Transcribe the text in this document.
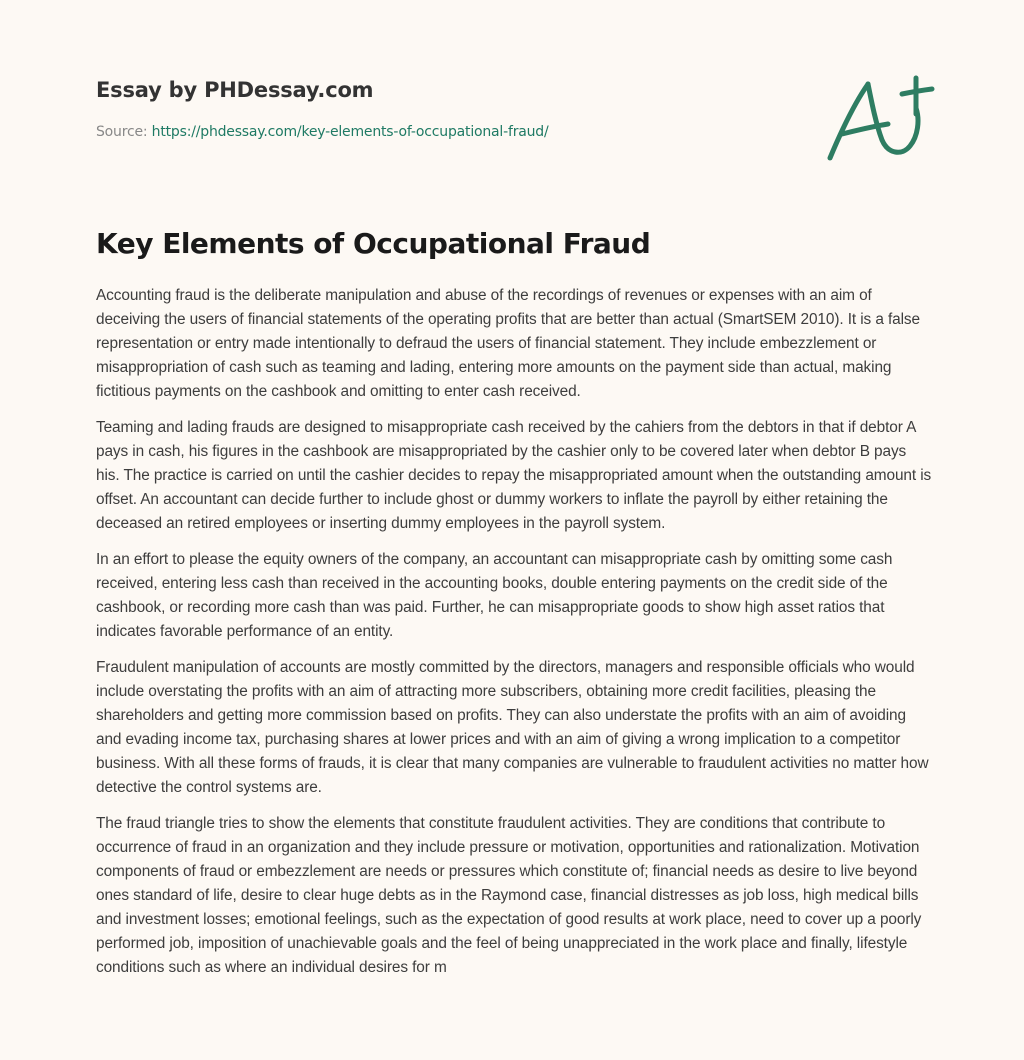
Essay by PHDessay.com
Source: https://phdessay.com/key-elements-of-occupational-fraud/
Key Elements of Occupational Fraud

Accounting fraud is the deliberate manipulation and abuse of the recordings of revenues or expenses with an aim of deceiving the users of financial statements of the operating profits that are better than actual (SmartSEM 2010). It is a false representation or entry made intentionally to defraud the users of financial statement. They include embezzlement or misappropriation of cash such as teaming and lading, entering more amounts on the payment side than actual, making fictitious payments on the cashbook and omitting to enter cash received.

Teaming and lading frauds are designed to misappropriate cash received by the cahiers from the debtors in that if debtor A pays in cash, his figures in the cashbook are misappropriated by the cashier only to be covered later when debtor B pays his. The practice is carried on until the cashier decides to repay the misappropriated amount when the outstanding amount is offset. An accountant can decide further to include ghost or dummy workers to inflate the payroll by either retaining the deceased an retired employees or inserting dummy employees in the payroll system.

In an effort to please the equity owners of the company, an accountant can misappropriate cash by omitting some cash received, entering less cash than received in the accounting books, double entering payments on the credit side of the cashbook, or recording more cash than was paid. Further, he can misappropriate goods to show high asset ratios that indicates favorable performance of an entity.

Fraudulent manipulation of accounts are mostly committed by the directors, managers and responsible officials who would include overstating the profits with an aim of attracting more subscribers, obtaining more credit facilities, pleasing the shareholders and getting more commission based on profits. They can also understate the profits with an aim of avoiding and evading income tax, purchasing shares at lower prices and with an aim of giving a wrong implication to a competitor business. With all these forms of frauds, it is clear that many companies are vulnerable to fraudulent activities no matter how detective the control systems are.

The fraud triangle tries to show the elements that constitute fraudulent activities. They are conditions that contribute to occurrence of fraud in an organization and they include pressure or motivation, opportunities and rationalization. Motivation components of fraud or embezzlement are needs or pressures which constitute of; financial needs as desire to live beyond ones standard of life, desire to clear huge debts as in the Raymond case, financial distresses as job loss, high medical bills and investment losses; emotional feelings, such as the expectation of good results at work place, need to cover up a poorly performed job, imposition of unachievable goals and the feel of being unappreciated in the work place and finally, lifestyle conditions such as where an individual desires for m
